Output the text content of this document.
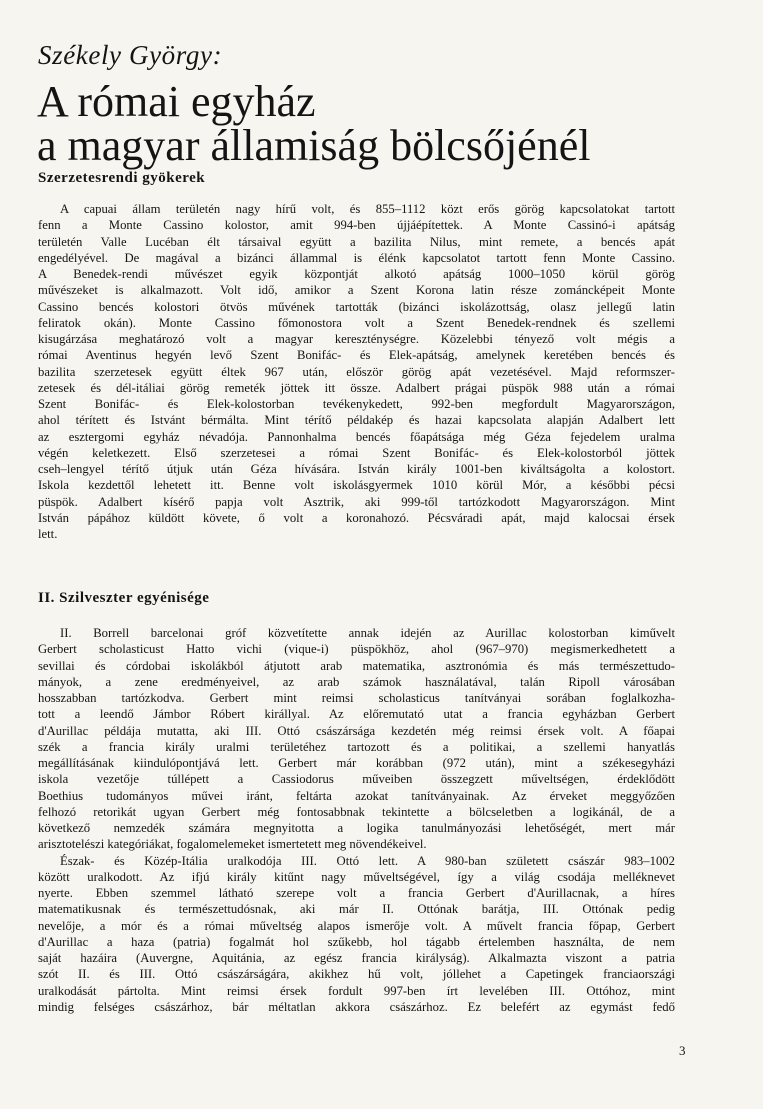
Székely György:
A római egyház
a magyar államiság bölcsőjénél
Szerzetesrendi gyökerek
A capuai állam területén nagy hírű volt, és 855–1112 közt erős görög kapcsolatokat tartott
fenn a Monte Cassino kolostor, amit 994-ben újjáépítettek. A Monte Cassinó-i apátság
területén Valle Lucéban élt társaival együtt a bazilita Nilus, mint remete, a bencés apát
engedélyével. De magával a bizánci állammal is élénk kapcsolatot tartott fenn Monte Cassino.
A Benedek-rendi művészet egyik központját alkotó apátság 1000–1050 körül görög
művészeket is alkalmazott. Volt idő, amikor a Szent Korona latin része zománcképeit Monte
Cassino bencés kolostori ötvös művének tartották (bizánci iskolázottság, olasz jellegű latin
feliratok okán). Monte Cassino főmonostora volt a Szent Benedek-rendnek és szellemi
kisugárzása meghatározó volt a magyar kereszténységre. Közelebbi tényező volt mégis a
római Aventinus hegyén levő Szent Bonifác- és Elek-apátság, amelynek keretében bencés és
bazilita szerzetesek együtt éltek 967 után, először görög apát vezetésével. Majd reformszer-
zetesek és dél-itáliai görög remeték jöttek itt össze. Adalbert prágai püspök 988 után a római
Szent Bonifác- és Elek-kolostorban tevékenykedett, 992-ben megfordult Magyarországon,
ahol térített és Istvánt bérmálta. Mint térítő példakép és hazai kapcsolata alapján Adalbert lett
az esztergomi egyház névadója. Pannonhalma bencés főapátsága még Géza fejedelem uralma
végén keletkezett. Első szerzetesei a római Szent Bonifác- és Elek-kolostorból jöttek
cseh–lengyel térítő útjuk után Géza hívására. István király 1001-ben kiváltságolta a kolostort.
Iskola kezdettől lehetett itt. Benne volt iskolásgyermek 1010 körül Mór, a későbbi pécsi
püspök. Adalbert kísérő papja volt Asztrik, aki 999-től tartózkodott Magyarországon. Mint
István pápához küldött követe, ő volt a koronahozó. Pécsváradi apát, majd kalocsai érsek
lett.
II. Szilveszter egyénisége
II. Borrell barcelonai gróf közvetítette annak idején az Aurillac kolostorban kiművelt
Gerbert scholasticust Hatto vichi (vique-i) püspökhöz, ahol (967–970) megismerkedhetett a
sevillai és córdobai iskolákból átjutott arab matematika, asztronómia és más természettudo-
mányok, a zene eredményeivel, az arab számok használatával, talán Ripoll városában
hosszabban tartózkodva. Gerbert mint reimsi scholasticus tanítványai sorában foglalkozha-
tott a leendő Jámbor Róbert királlyal. Az előremutató utat a francia egyházban Gerbert
d'Aurillac példája mutatta, aki III. Ottó császársága kezdetén még reimsi érsek volt. A főapai
szék a francia király uralmi területéhez tartozott és a politikai, a szellemi hanyatlás
megállításának kiindulópontjává lett. Gerbert már korábban (972 után), mint a székesegyházi
iskola vezetője túllépett a Cassiodorus műveiben összegzett műveltségen, érdeklődött
Boethius tudományos művei iránt, feltárta azokat tanítványainak. Az érveket meggyőzően
felhozó retorikát ugyan Gerbert még fontosabbnak tekintette a bölcseletben a logikánál, de a
következő nemzedék számára megnyitotta a logika tanulmányozási lehetőségét, mert már
arisztotelészi kategóriákat, fogalomelemeket ismertetett meg növendékeivel.
Észak- és Közép-Itália uralkodója III. Ottó lett. A 980-ban született császár 983–1002
között uralkodott. Az ifjú király kitűnt nagy műveltségével, így a világ csodája melléknevet
nyerte. Ebben szemmel látható szerepe volt a francia Gerbert d'Aurillacnak, a híres
matematikusnak és természettudósnak, aki már II. Ottónak barátja, III. Ottónak pedig
nevelője, a mór és a római műveltség alapos ismerője volt. A művelt francia főpap, Gerbert
d'Aurillac a haza (patria) fogalmát hol szűkebb, hol tágabb értelemben használta, de nem
saját hazáira (Auvergne, Aquitánia, az egész francia királyság). Alkalmazta viszont a patria
szót II. és III. Ottó császárságára, akikhez hű volt, jóllehet a Capetingek franciaországi
uralkodását pártolta. Mint reimsi érsek fordult 997-ben írt levelében III. Ottóhoz, mint
mindig felséges császárhoz, bár méltatlan akkora császárhoz. Ez belefért az egymást fedő
3
